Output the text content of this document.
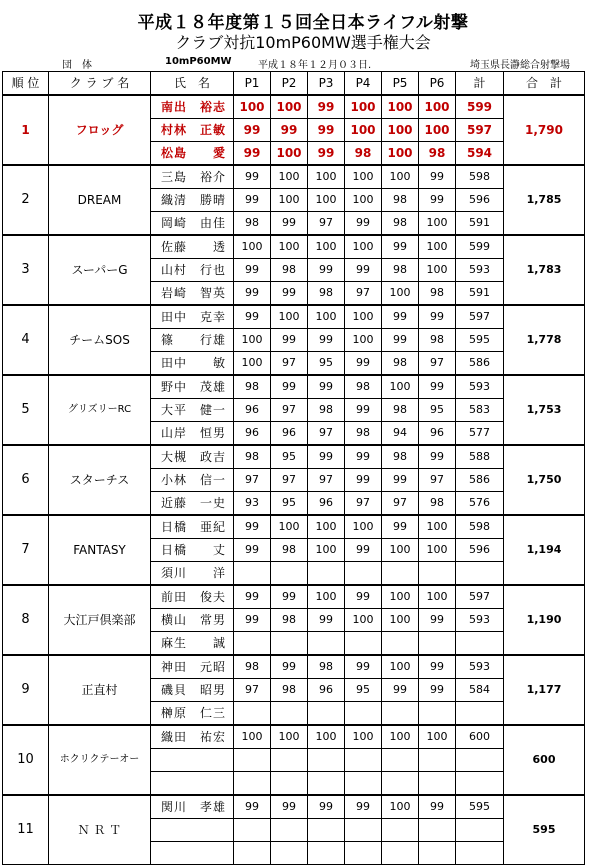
平成１８年度第１５回全日本ライフル射撃
クラブ対抗10mP60MW選手権大会
団　体	10mP60MW	平成１８年１２月０３日.	埼玉県長瀞総合射撃場
順 位	ク ラ ブ 名	氏　名	P1	P2	P3	P4	P5	P6	計	合　計
1	フロッグ	南出　裕志	100	100	99	100	100	100	599	1,790
		村林　正敏	99	99	99	100	100	100	597	
		松島　　愛	99	100	99	98	100	98	594	
2	DREAM	三島　裕介	99	100	100	100	100	99	598	1,785
		織清　勝晴	99	100	100	100	98	99	596	
		岡崎　由佳	98	99	97	99	98	100	591	
3	スーパーG	佐藤　　透	100	100	100	100	99	100	599	1,783
		山村　行也	99	98	99	99	98	100	593	
		岩崎　智英	99	99	98	97	100	98	591	
4	チームSOS	田中　克幸	99	100	100	100	99	99	597	1,778
		篠　　行雄	100	99	99	100	99	98	595	
		田中　　敏	100	97	95	99	98	97	586	
5	グリズリーRC	野中　茂雄	98	99	99	98	100	99	593	1,753
		大平　健一	96	97	98	99	98	95	583	
		山岸　恒男	96	96	97	98	94	96	577	
6	スターチス	大槻　政吉	98	95	99	99	98	99	588	1,750
		小林　信一	97	97	97	99	99	97	586	
		近藤　一史	93	95	96	97	97	98	576	
7	FANTASY	日橋　亜紀	99	100	100	100	99	100	598	1,194
		日橋　　丈	99	98	100	99	100	100	596	
		須川　　洋								
8	大江戸倶楽部	前田　俊夫	99	99	100	99	100	100	597	1,190
		横山　常男	99	98	99	100	100	99	593	
		麻生　　誠								
9	正直村	神田　元昭	98	99	98	99	100	99	593	1,177
		磯貝　昭男	97	98	96	95	99	99	584	
		榊原　仁三								
10	ホクリクテーオー	織田　祐宏	100	100	100	100	100	100	600	600

11	Ｎ Ｒ Ｔ	関川　孝雄	99	99	99	99	100	99	595	595
